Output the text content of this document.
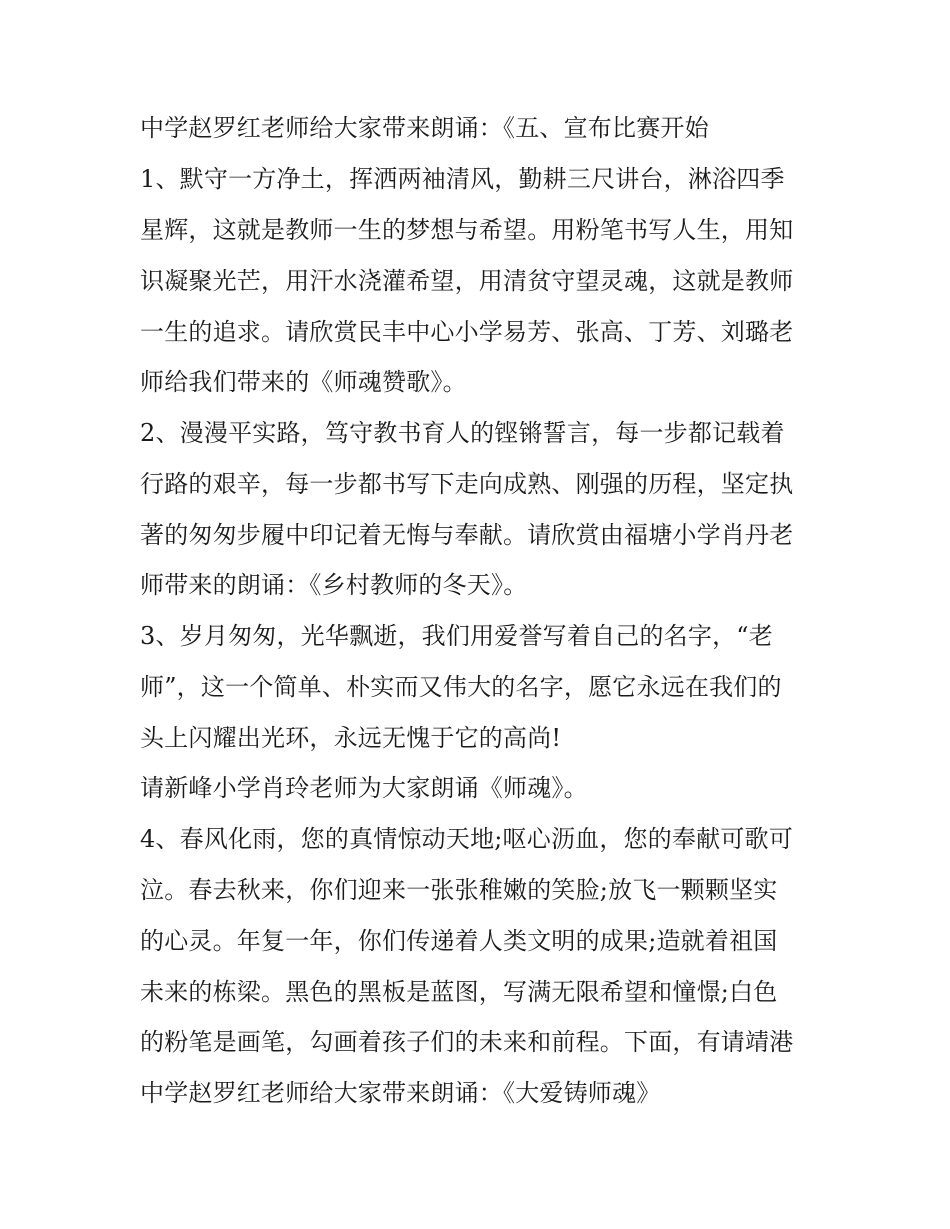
中学赵罗红老师给大家带来朗诵：《五、宣布比赛开始
1、默守一方净土，挥洒两袖清风，勤耕三尺讲台，淋浴四季
星辉，这就是教师一生的梦想与希望。用粉笔书写人生，用知
识凝聚光芒，用汗水浇灌希望，用清贫守望灵魂，这就是教师
一生的追求。请欣赏民丰中心小学易芳、张高、丁芳、刘璐老
师给我们带来的《师魂赞歌》。
2、漫漫平实路，笃守教书育人的铿锵誓言，每一步都记载着
行路的艰辛，每一步都书写下走向成熟、刚强的历程，坚定执
著的匆匆步履中印记着无悔与奉献。请欣赏由福塘小学肖丹老
师带来的朗诵：《乡村教师的冬天》。
3、岁月匆匆，光华飘逝，我们用爱誉写着自己的名字，“老
师”，这一个简单、朴实而又伟大的名字，愿它永远在我们的
头上闪耀出光环，永远无愧于它的高尚!
请新峰小学肖玲老师为大家朗诵《师魂》。
4、春风化雨，您的真情惊动天地;呕心沥血，您的奉献可歌可
泣。春去秋来，你们迎来一张张稚嫩的笑脸;放飞一颗颗坚实
的心灵。年复一年，你们传递着人类文明的成果;造就着祖国
未来的栋梁。黑色的黑板是蓝图，写满无限希望和憧憬;白色
的粉笔是画笔，勾画着孩子们的未来和前程。下面，有请靖港
中学赵罗红老师给大家带来朗诵：《大爱铸师魂》
